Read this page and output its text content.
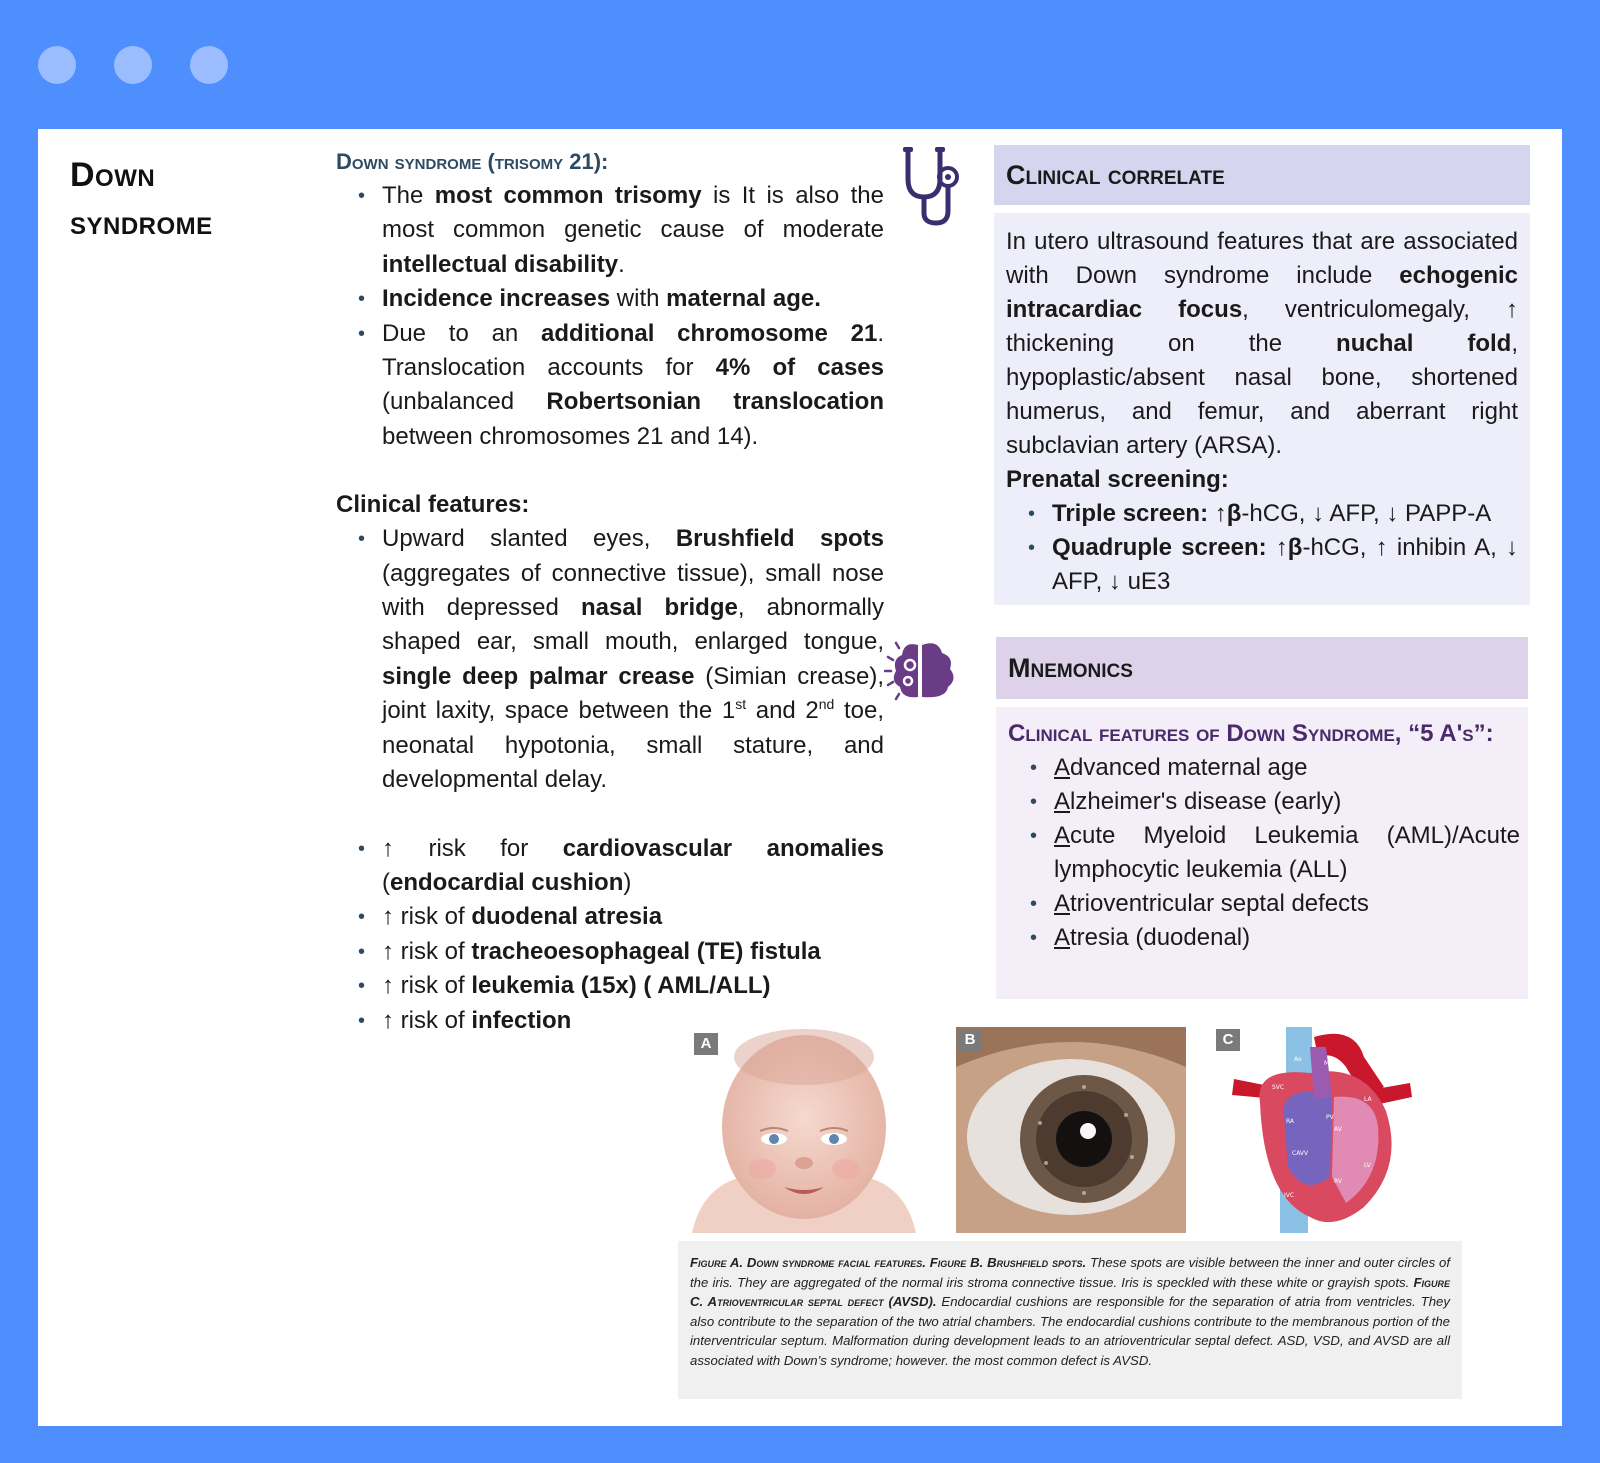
Down
syndrome
Down syndrome (trisomy 21):
• The most common trisomy is It is also the most common genetic cause of moderate intellectual disability.
• Incidence increases with maternal age.
• Due to an additional chromosome 21. Translocation accounts for 4% of cases (unbalanced Robertsonian translocation between chromosomes 21 and 14).
Clinical features:
• Upward slanted eyes, Brushfield spots (aggregates of connective tissue), small nose with depressed nasal bridge, abnormally shaped ear, small mouth, enlarged tongue, single deep palmar crease (Simian crease), joint laxity, space between the 1st and 2nd toe, neonatal hypotonia, small stature, and developmental delay.
• ↑ risk for cardiovascular anomalies (endocardial cushion)
• ↑ risk of duodenal atresia
• ↑ risk of tracheoesophageal (TE) fistula
• ↑ risk of leukemia (15x) ( AML/ALL)
• ↑ risk of infection
Clinical correlate

In utero ultrasound features that are associated with Down syndrome include echogenic intracardiac focus, ventriculomegaly, ↑ thickening on the nuchal fold, hypoplastic/absent nasal bone, shortened humerus, and femur, and aberrant right subclavian artery (ARSA).

Prenatal screening:
• Triple screen: ↑β-hCG, ↓ AFP, ↓ PAPP-A
• Quadruple screen: ↑β-hCG, ↑ inhibin A, ↓ AFP, ↓ uE3
Mnemonics
Clinical features of Down Syndrome, “5 A's”:
• Advanced maternal age
• Alzheimer's disease (early)
• Acute Myeloid Leukemia (AML)/Acute lymphocytic leukemia (ALL)
• Atrioventricular septal defects
• Atresia (duodenal)
A	B
Ao
MPA
LA
SVC
PV
RA
AV
CAVV
LV
RV
IVC
C
Figure A. Down syndrome facial features. Figure B. Brushfield spots. These spots are visible between the inner and outer circles of the iris. They are aggregated of the normal iris stroma connective tissue. Iris is speckled with these white or grayish spots. Figure C. Atrioventricular septal defect (AVSD). Endocardial cushions are responsible for the separation of atria from ventricles. They also contribute to the separation of the two atrial chambers. The endocardial cushions contribute to the membranous portion of the interventricular septum. Malformation during development leads to an atrioventricular septal defect. ASD, VSD, and AVSD are all associated with Down’s syndrome; however. the most common defect is AVSD.
